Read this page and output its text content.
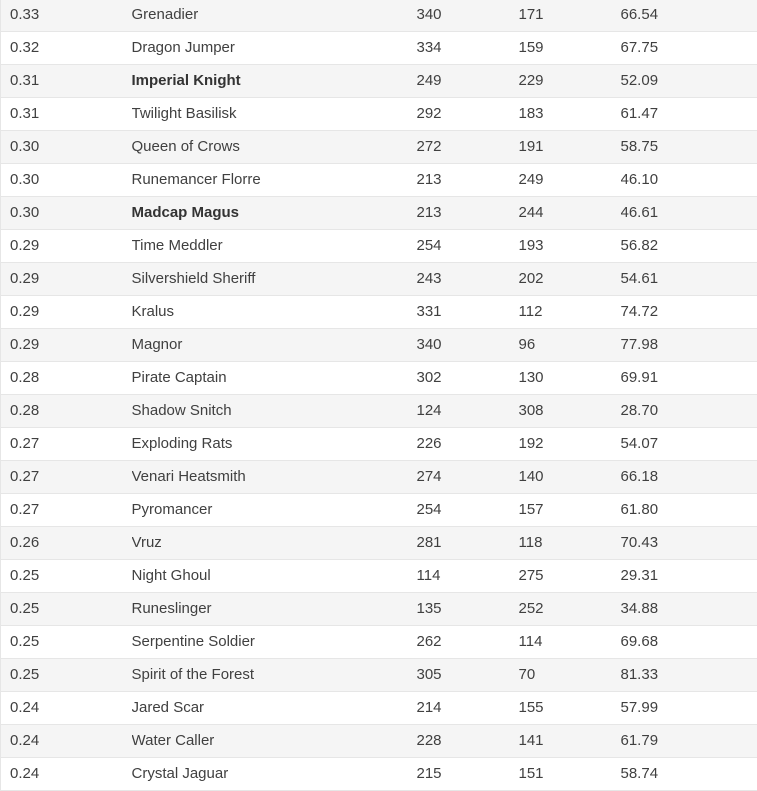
0.33	Grenadier	340	171	66.54
0.32	Dragon Jumper	334	159	67.75
0.31	Imperial Knight	249	229	52.09
0.31	Twilight Basilisk	292	183	61.47
0.30	Queen of Crows	272	191	58.75
0.30	Runemancer Florre	213	249	46.10
0.30	Madcap Magus	213	244	46.61
0.29	Time Meddler	254	193	56.82
0.29	Silvershield Sheriff	243	202	54.61
0.29	Kralus	331	112	74.72
0.29	Magnor	340	96	77.98
0.28	Pirate Captain	302	130	69.91
0.28	Shadow Snitch	124	308	28.70
0.27	Exploding Rats	226	192	54.07
0.27	Venari Heatsmith	274	140	66.18
0.27	Pyromancer	254	157	61.80
0.26	Vruz	281	118	70.43
0.25	Night Ghoul	114	275	29.31
0.25	Runeslinger	135	252	34.88
0.25	Serpentine Soldier	262	114	69.68
0.25	Spirit of the Forest	305	70	81.33
0.24	Jared Scar	214	155	57.99
0.24	Water Caller	228	141	61.79
0.24	Crystal Jaguar	215	151	58.74
